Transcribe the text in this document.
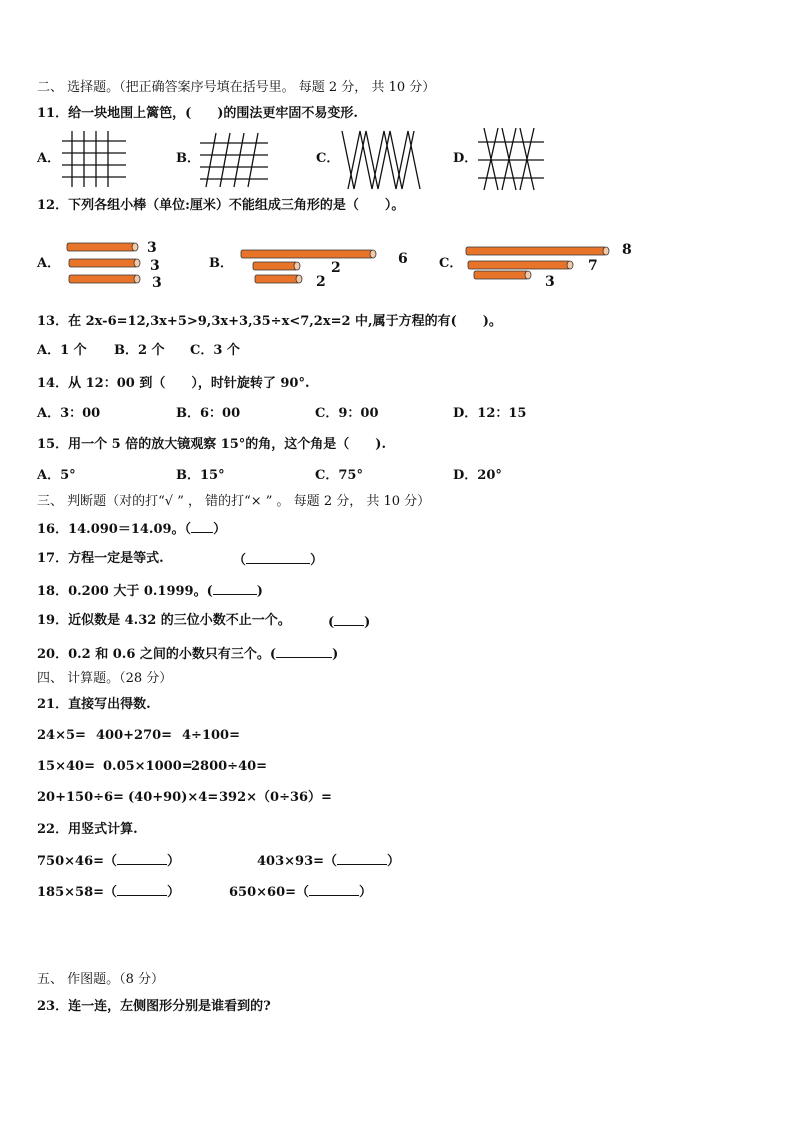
二、 选择题。（把正确答案序号填在括号里。 每题 2 分， 共 10 分）
11．给一块地围上篱笆，(　　)的围法更牢固不易变形.
A．	B．	C．	D．
12．下列各组小棒（单位:厘米）不能组成三角形的是（　　）。
A．	B．	C．
3
3
3
6
2
2
8
7
3
13．在 2x-6=12,3x+5>9,3x+3,35÷x<7,2x=2 中,属于方程的有(　　)。
A．1 个 B．2 个 C．3 个
14．从 12：00 到（　　），时针旋转了 90°.
A．3：00	B．6：00	C．9：00	D．12：15
15．用一个 5 倍的放大镜观察 15°的角，这个角是（　　).
A．5°	B．15°	C．75°	D．20°
三、 判断题（对的打“√ ” ， 错的打“× ” 。 每题 2 分， 共 10 分）
16．14.090＝14.09。（ ）
17．方程一定是等式.	（	）
18．0.200 大于 0.1999。(	)
19．近似数是 4.32 的三位小数不止一个。	( )
20．0.2 和 0.6 之间的小数只有三个。(	)
四、 计算题。（28 分）
21．直接写出得数.
24×5= 400+270= 4÷100=
15×40= 0.05×1000=
2800÷40=
20+150÷6= (40+90)×4= 392×（0÷36）=
22．用竖式计算.
750×46=（	）	403×93=（	）
185×58=（	）	650×60=（	）
五、 作图题。（8 分）
23．连一连，左侧图形分别是谁看到的?
